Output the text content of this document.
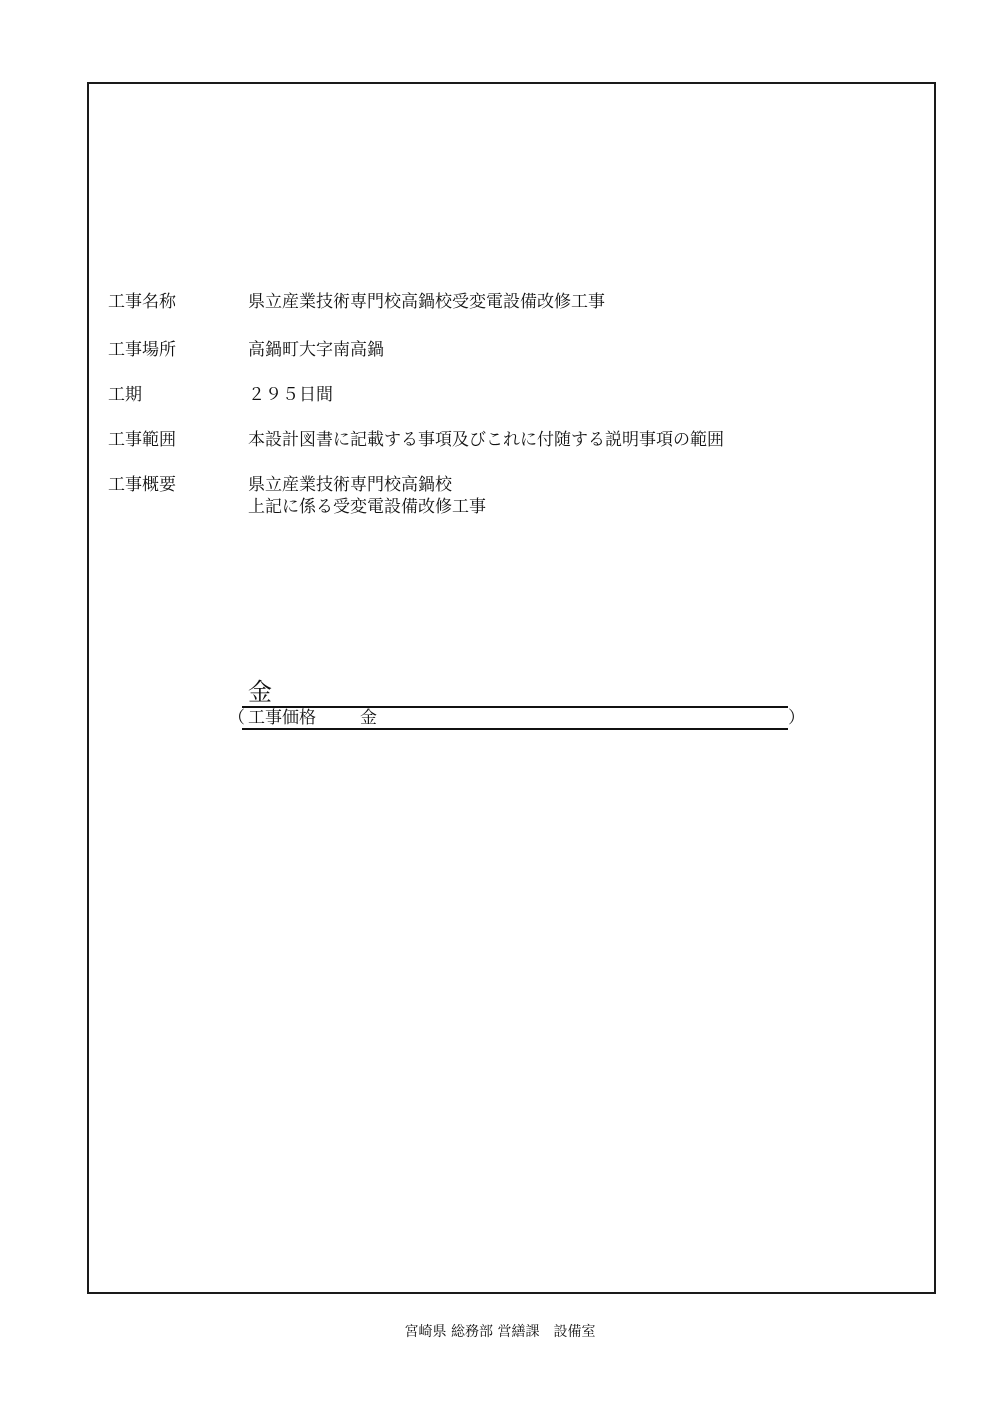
工事名称	県立産業技術専門校高鍋校受変電設備改修工事
工事場所	高鍋町大字南高鍋
工期	２９５日間
工事範囲	本設計図書に記載する事項及びこれに付随する説明事項の範囲
工事概要	県立産業技術専門校高鍋校
上記に係る受変電設備改修工事
金
（ 工事価格	金	）
宮崎県 総務部 営繕課　設備室
